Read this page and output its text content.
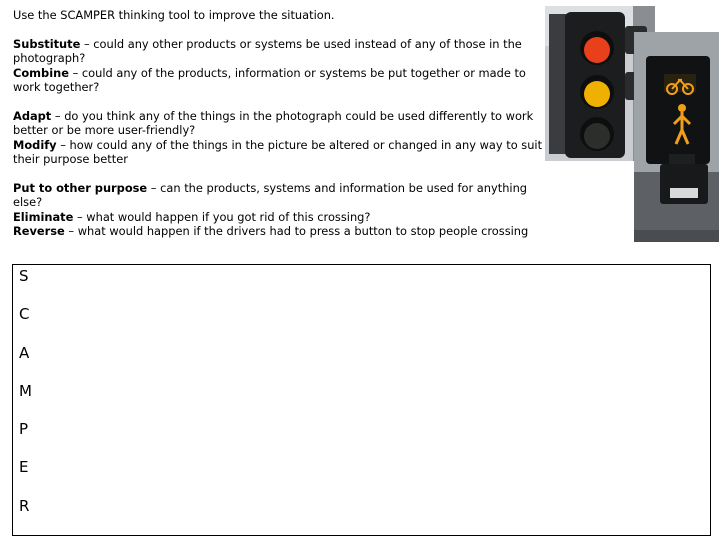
Use the SCAMPER thinking tool to improve the situation.

Substitute – could any other products or systems be used instead of any of those in the photograph?

Combine – could any of the products, information or systems be put together or made to work together?

Adapt – do you think any of the things in the photograph could be used differently to work better or be more user-friendly?

Modify – how could any of the things in the picture be altered or changed in any way to suit their purpose better

Put to other purpose – can the products, systems and information be used for anything else?

Eliminate – what would happen if you got rid of this crossing?

Reverse – what would happen if the drivers had to press a button to stop people crossing

S
C
A
M
P
E
R
